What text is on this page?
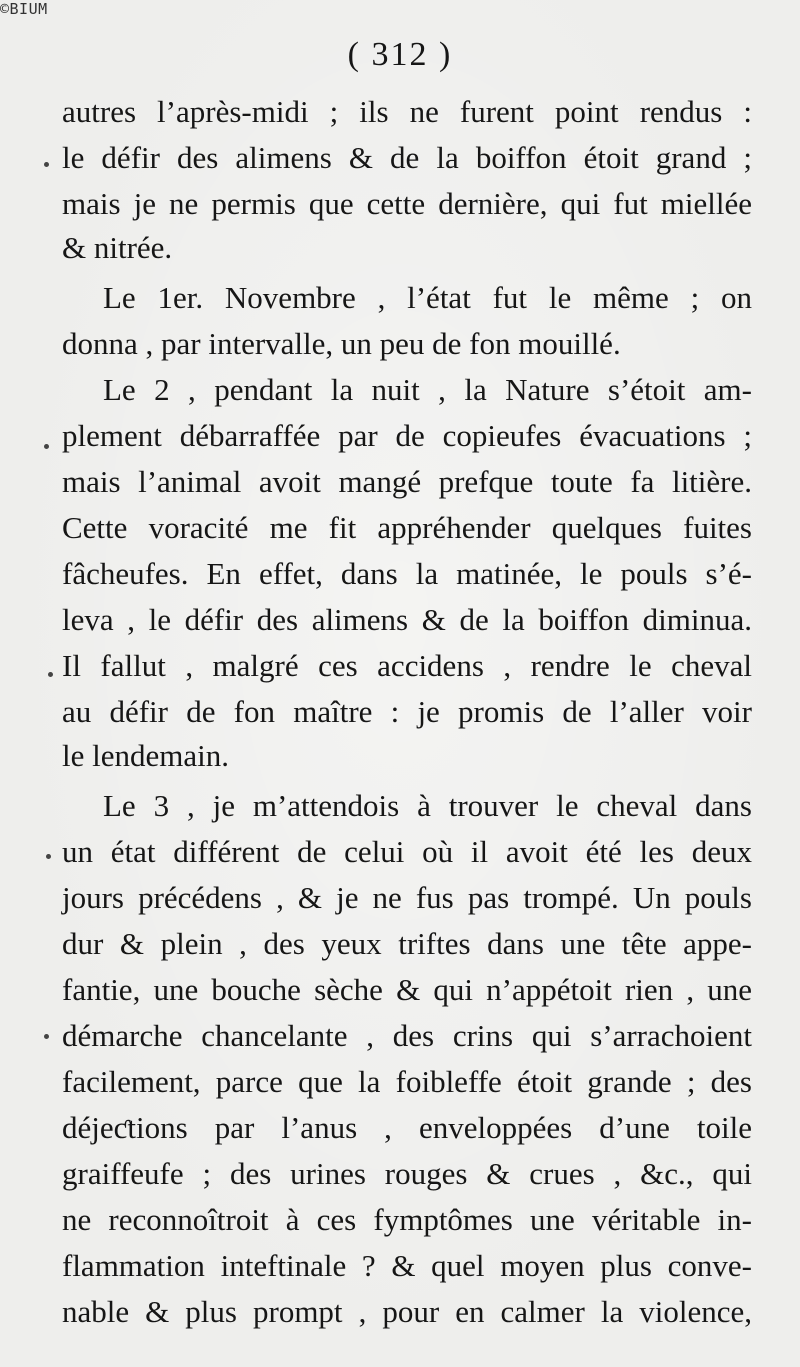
©BIUM
( 312 )
autres l’après-midi ; ils ne furent point rendus :
le défir des alimens & de la boiffon étoit grand ;
mais je ne permis que cette dernière, qui fut miellée
& nitrée.
Le 1er. Novembre , l’état fut le même ; on
donna , par intervalle, un peu de fon mouillé.
Le 2 , pendant la nuit , la Nature s’étoit am-
plement débarraffée par de copieufes évacuations ;
mais l’animal avoit mangé prefque toute fa litière.
Cette voracité me fit appréhender quelques fuites
fâcheufes. En effet, dans la matinée, le pouls s’é-
leva , le défir des alimens & de la boiffon diminua.
Il fallut , malgré ces accidens , rendre le cheval
au défir de fon maître : je promis de l’aller voir
le lendemain.
Le 3 , je m’attendois à trouver le cheval dans
un état différent de celui où il avoit été les deux
jours précédens , & je ne fus pas trompé. Un pouls
dur & plein , des yeux triftes dans une tête appe-
fantie, une bouche sèche & qui n’appétoit rien , une
démarche chancelante , des crins qui s’arrachoient
facilement, parce que la foibleffe étoit grande ; des
déjeƈtions par l’anus , enveloppées d’une toile
graiffeufe ; des urines rouges & crues , &c., qui
ne reconnoîtroit à ces fymptômes une véritable in-
flammation inteftinale ? & quel moyen plus conve-
nable & plus prompt , pour en calmer la violence,
